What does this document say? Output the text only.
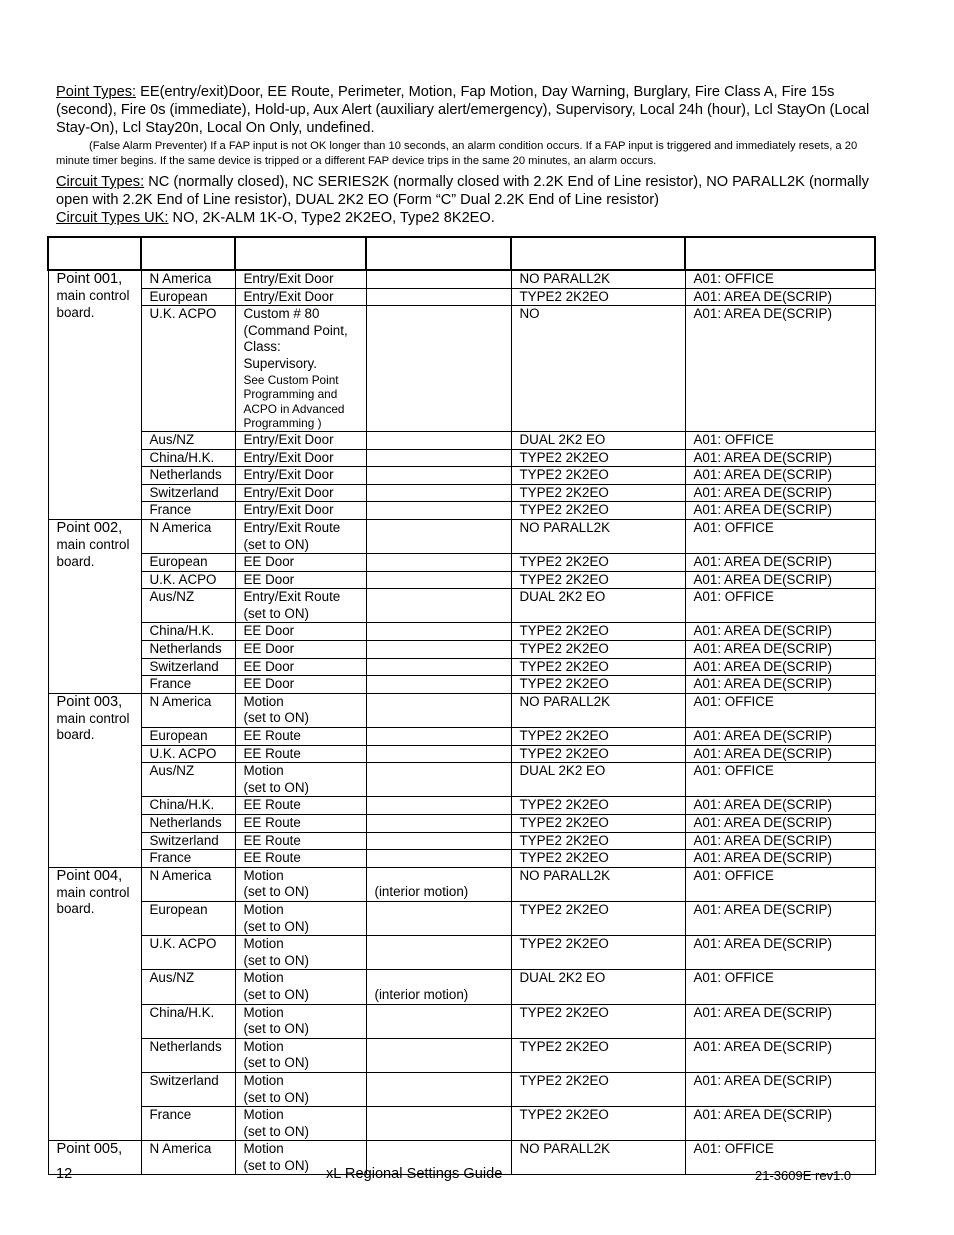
Point Types: EE(entry/exit)Door, EE Route, Perimeter, Motion, Fap Motion, Day Warning, Burglary, Fire Class A, Fire 15s (second), Fire 0s (immediate), Hold-up, Aux Alert (auxiliary alert/emergency), Supervisory, Local 24h (hour), Lcl StayOn (Local Stay-On), Lcl Stay20n, Local On Only, undefined.

(False Alarm Preventer) If a FAP input is not OK longer than 10 seconds, an alarm condition occurs. If a FAP input is triggered and immediately resets, a 20 minute timer begins. If the same device is tripped or a different FAP device trips in the same 20 minutes, an alarm occurs.

Circuit Types: NC (normally closed), NC SERIES2K (normally closed with 2.2K End of Line resistor), NO PARALL2K (normally open with 2.2K End of Line resistor), DUAL 2K2 EO (Form “C” Dual 2.2K End of Line resistor)

Circuit Types UK: NO, 2K-ALM 1K-O, Type2 2K2EO, Type2 8K2EO.

Point 001,
main control board.	N America	Entry/Exit Door		NO PARALL2K	A01: OFFICE
	European	Entry/Exit Door		TYPE2 2K2EO	A01: AREA DE(SCRIP)
	U.K. ACPO	Custom # 80
(Command Point, Class: Supervisory.
See Custom Point Programming and ACPO in Advanced Programming )		NO	A01: AREA DE(SCRIP)
	Aus/NZ	Entry/Exit Door		DUAL 2K2 EO	A01: OFFICE
	China/H.K.	Entry/Exit Door		TYPE2 2K2EO	A01: AREA DE(SCRIP)
	Netherlands	Entry/Exit Door		TYPE2 2K2EO	A01: AREA DE(SCRIP)
	Switzerland	Entry/Exit Door		TYPE2 2K2EO	A01: AREA DE(SCRIP)
	France	Entry/Exit Door		TYPE2 2K2EO	A01: AREA DE(SCRIP)

Point 002,
main control board.	N America	Entry/Exit Route
(set to ON)		NO PARALL2K	A01: OFFICE
	European	EE Door		TYPE2 2K2EO	A01: AREA DE(SCRIP)
	U.K. ACPO	EE Door		TYPE2 2K2EO	A01: AREA DE(SCRIP)
	Aus/NZ	Entry/Exit Route
(set to ON)		DUAL 2K2 EO	A01: OFFICE
	China/H.K.	EE Door		TYPE2 2K2EO	A01: AREA DE(SCRIP)
	Netherlands	EE Door		TYPE2 2K2EO	A01: AREA DE(SCRIP)
	Switzerland	EE Door		TYPE2 2K2EO	A01: AREA DE(SCRIP)
	France	EE Door		TYPE2 2K2EO	A01: AREA DE(SCRIP)

Point 003,
main control board.	N America	Motion
(set to ON)		NO PARALL2K	A01: OFFICE
	European	EE Route		TYPE2 2K2EO	A01: AREA DE(SCRIP)
	U.K. ACPO	EE Route		TYPE2 2K2EO	A01: AREA DE(SCRIP)
	Aus/NZ	Motion
(set to ON)		DUAL 2K2 EO	A01: OFFICE
	China/H.K.	EE Route		TYPE2 2K2EO	A01: AREA DE(SCRIP)
	Netherlands	EE Route		TYPE2 2K2EO	A01: AREA DE(SCRIP)
	Switzerland	EE Route		TYPE2 2K2EO	A01: AREA DE(SCRIP)
	France	EE Route		TYPE2 2K2EO	A01: AREA DE(SCRIP)

Point 004,
main control board.	N America	Motion
(set to ON)	(interior motion)	NO PARALL2K	A01: OFFICE
	European	Motion
(set to ON)		TYPE2 2K2EO	A01: AREA DE(SCRIP)
	U.K. ACPO	Motion
(set to ON)		TYPE2 2K2EO	A01: AREA DE(SCRIP)
	Aus/NZ	Motion
(set to ON)	(interior motion)	DUAL 2K2 EO	A01: OFFICE
	China/H.K.	Motion
(set to ON)		TYPE2 2K2EO	A01: AREA DE(SCRIP)
	Netherlands	Motion
(set to ON)		TYPE2 2K2EO	A01: AREA DE(SCRIP)
	Switzerland	Motion
(set to ON)		TYPE2 2K2EO	A01: AREA DE(SCRIP)
	France	Motion
(set to ON)		TYPE2 2K2EO	A01: AREA DE(SCRIP)

Point 005,	N America	Motion
(set to ON)		NO PARALL2K	A01: OFFICE
12	xL Regional Settings Guide	21-3609E rev1.0
